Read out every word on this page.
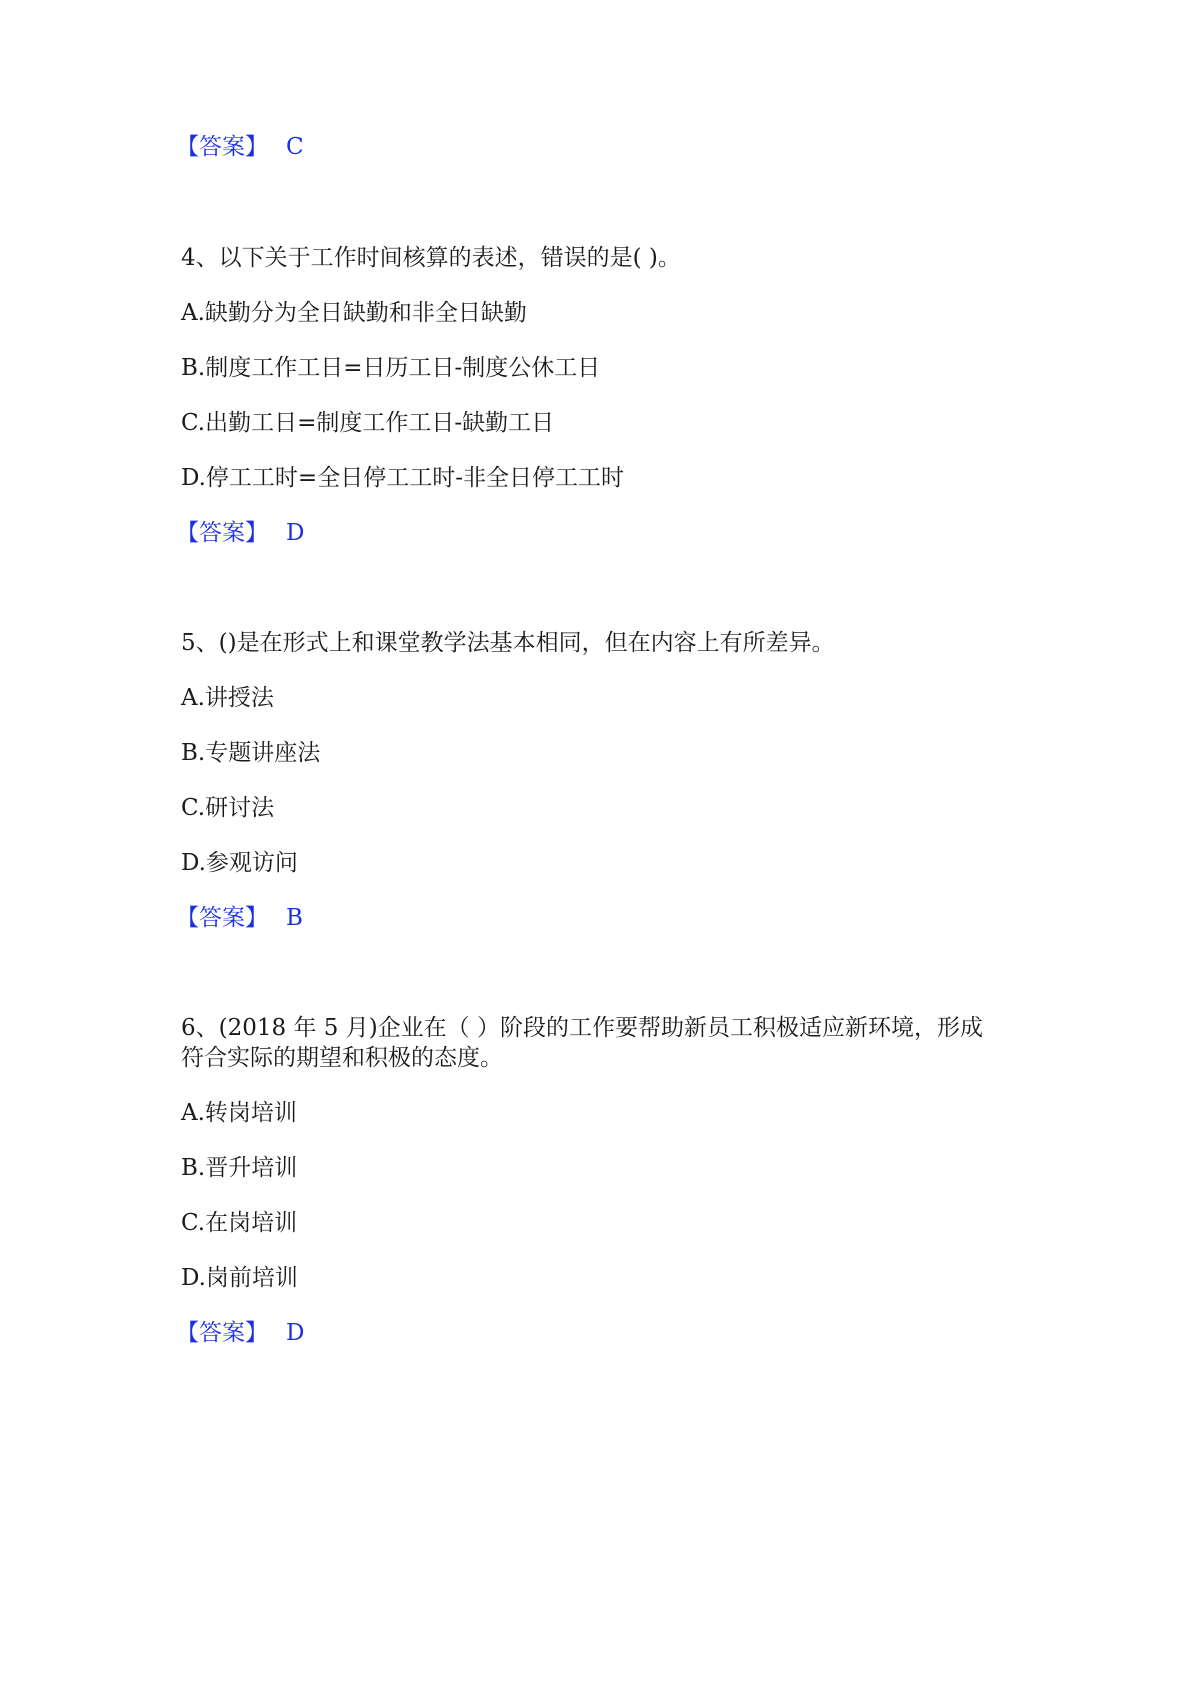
【答案】 C
4、以下关于工作时间核算的表述，错误的是( )。
A.缺勤分为全日缺勤和非全日缺勤
B.制度工作工日=日历工日-制度公休工日
C.出勤工日=制度工作工日-缺勤工日
D.停工工时=全日停工工时-非全日停工工时
【答案】 D
5、()是在形式上和课堂教学法基本相同，但在内容上有所差异。
A.讲授法
B.专题讲座法
C.研讨法
D.参观访问
【答案】 B
6、(2018 年 5 月)企业在（ ）阶段的工作要帮助新员工积极适应新环境，形成
符合实际的期望和积极的态度。
A.转岗培训
B.晋升培训
C.在岗培训
D.岗前培训
【答案】 D
